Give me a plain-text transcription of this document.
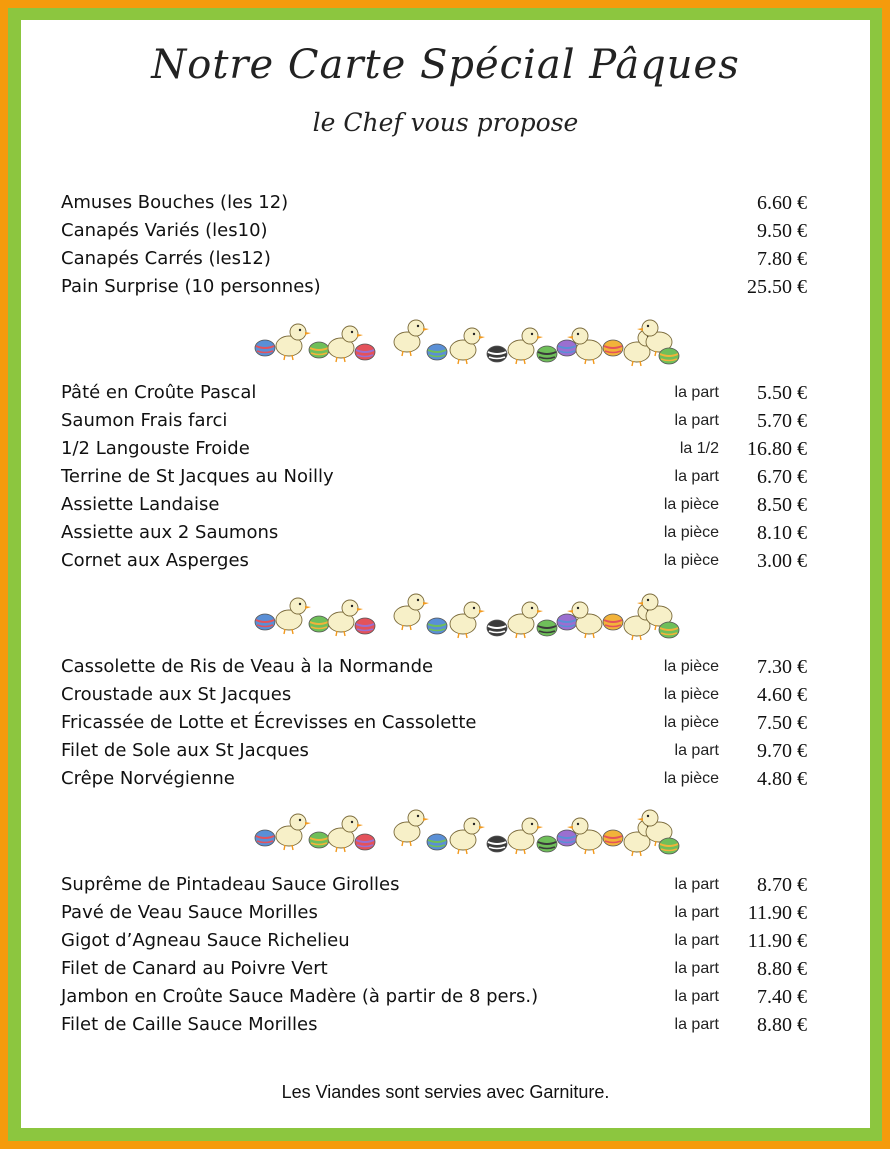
Notre Carte Spécial Pâques
le Chef vous propose
Amuses Bouches (les 12)	6.60 €
Canapés Variés (les10)	9.50 €
Canapés Carrés (les12)	7.80 €
Pain Surprise (10 personnes)	25.50 €
Pâté en Croûte Pascal	la part 5.50 €
Saumon Frais farci	la part 5.70 €
1/2 Langouste Froide	la 1/2 16.80 €
Terrine de St Jacques au Noilly	la part 6.70 €
Assiette Landaise	la pièce 8.50 €
Assiette aux 2 Saumons	la pièce 8.10 €
Cornet aux Asperges	la pièce 3.00 €
Cassolette de Ris de Veau à la Normande	la pièce 7.30 €
Croustade aux St Jacques	la pièce 4.60 €
Fricassée de Lotte et Écrevisses en Cassolette	la pièce 7.50 €
Filet de Sole aux St Jacques	la part 9.70 €
Crêpe Norvégienne	la pièce 4.80 €
Suprême de Pintadeau Sauce Girolles	la part 8.70 €
Pavé de Veau Sauce Morilles	la part 11.90 €
Gigot d’Agneau Sauce Richelieu	la part 11.90 €
Filet de Canard au Poivre Vert	la part 8.80 €
Jambon en Croûte Sauce Madère (à partir de 8 pers.)	la part 7.40 €
Filet de Caille Sauce Morilles	la part 8.80 €
Les Viandes sont servies avec Garniture.
